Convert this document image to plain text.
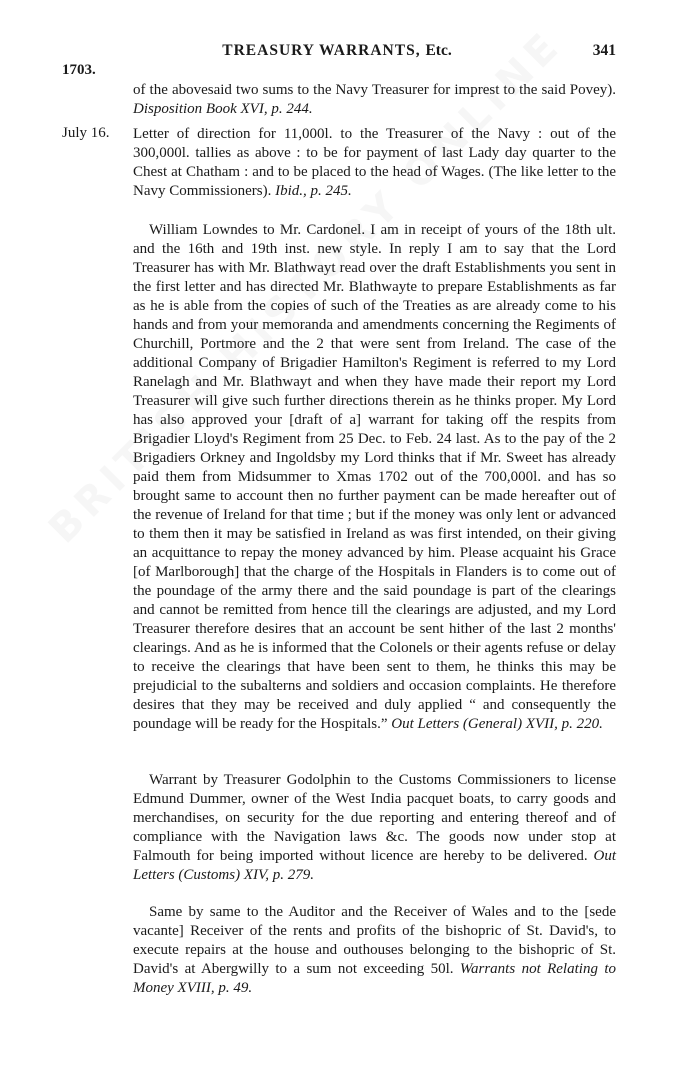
TREASURY WARRANTS, Etc.	341
1703.
of the abovesaid two sums to the Navy Treasurer for imprest to the said Povey). Disposition Book XVI, p. 244.
July 16. Letter of direction for 11,000l. to the Treasurer of the Navy : out of the 300,000l. tallies as above : to be for payment of last Lady day quarter to the Chest at Chatham : and to be placed to the head of Wages. (The like letter to the Navy Commissioners). Ibid., p. 245.
William Lowndes to Mr. Cardonel. I am in receipt of yours of the 18th ult. and the 16th and 19th inst. new style. In reply I am to say that the Lord Treasurer has with Mr. Blathwayt read over the draft Establishments you sent in the first letter and has directed Mr. Blathwayte to prepare Establishments as far as he is able from the copies of such of the Treaties as are already come to his hands and from your memoranda and amendments concerning the Regiments of Churchill, Portmore and the 2 that were sent from Ireland. The case of the additional Company of Brigadier Hamilton's Regiment is referred to my Lord Ranelagh and Mr. Blathwayt and when they have made their report my Lord Treasurer will give such further directions therein as he thinks proper. My Lord has also approved your [draft of a] warrant for taking off the respits from Brigadier Lloyd's Regiment from 25 Dec. to Feb. 24 last. As to the pay of the 2 Brigadiers Orkney and Ingoldsby my Lord thinks that if Mr. Sweet has already paid them from Midsummer to Xmas 1702 out of the 700,000l. and has so brought same to account then no further payment can be made hereafter out of the revenue of Ireland for that time ; but if the money was only lent or advanced to them then it may be satisfied in Ireland as was first intended, on their giving an acquittance to repay the money advanced by him. Please acquaint his Grace [of Marlborough] that the charge of the Hospitals in Flanders is to come out of the poundage of the army there and the said poundage is part of the clearings and cannot be remitted from hence till the clearings are adjusted, and my Lord Treasurer therefore desires that an account be sent hither of the last 2 months' clearings. And as he is informed that the Colonels or their agents refuse or delay to receive the clearings that have been sent to them, he thinks this may be prejudicial to the subalterns and soldiers and occasion complaints. He therefore desires that they may be received and duly applied “ and consequently the poundage will be ready for the Hospitals.” Out Letters (General) XVII, p. 220.
Warrant by Treasurer Godolphin to the Customs Commissioners to license Edmund Dummer, owner of the West India pacquet boats, to carry goods and merchandises, on security for the due reporting and entering thereof and of compliance with the Navigation laws &c. The goods now under stop at Falmouth for being imported without licence are hereby to be delivered. Out Letters (Customs) XIV, p. 279.
Same by same to the Auditor and the Receiver of Wales and to the [sede vacante] Receiver of the rents and profits of the bishopric of St. David's, to execute repairs at the house and outhouses belonging to the bishopric of St. David's at Abergwilly to a sum not exceeding 50l. Warrants not Relating to Money XVIII, p. 49.
